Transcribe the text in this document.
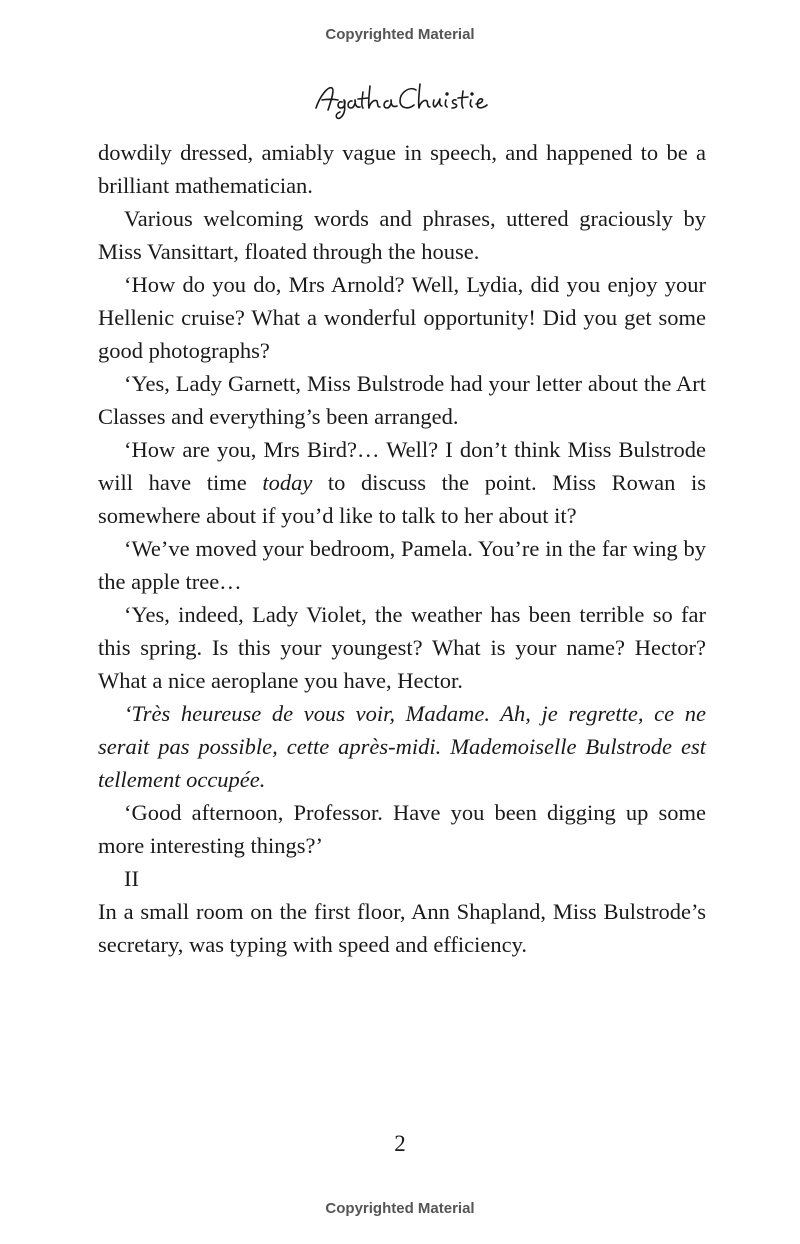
Copyrighted Material

dowdily dressed, amiably vague in speech, and happened to be a brilliant mathematician.

Various welcoming words and phrases, uttered graciously by Miss Vansittart, floated through the house.

‘How do you do, Mrs Arnold? Well, Lydia, did you enjoy your Hellenic cruise? What a wonderful opportunity! Did you get some good photographs?

‘Yes, Lady Garnett, Miss Bulstrode had your letter about the Art Classes and everything’s been arranged.

‘How are you, Mrs Bird?… Well? I don’t think Miss Bulstrode will have time today to discuss the point. Miss Rowan is somewhere about if you’d like to talk to her about it?

‘We’ve moved your bedroom, Pamela. You’re in the far wing by the apple tree…

‘Yes, indeed, Lady Violet, the weather has been terrible so far this spring. Is this your youngest? What is your name? Hector? What a nice aeroplane you have, Hector.

‘Très heureuse de vous voir, Madame. Ah, je regrette, ce ne serait pas possible, cette après-midi. Mademoiselle Bulstrode est tellement occupée.

‘Good afternoon, Professor. Have you been digging up some more interesting things?’

II

In a small room on the first floor, Ann Shapland, Miss Bulstrode’s secretary, was typing with speed and efficiency.

2
Copyrighted Material
